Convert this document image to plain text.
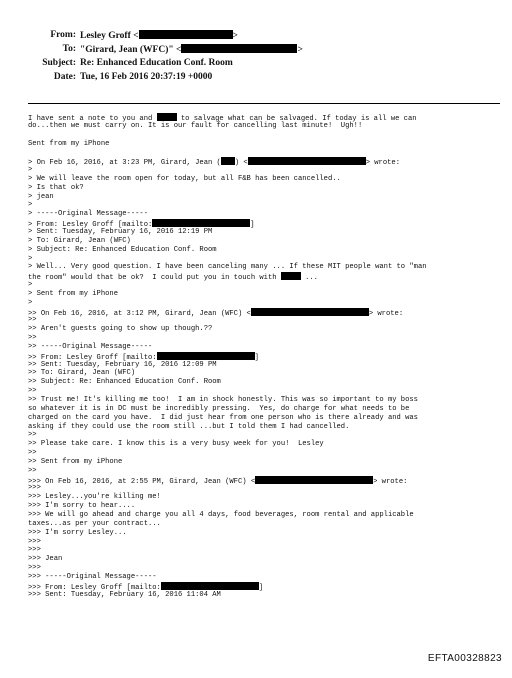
From: Lesley Groff <	>
To: "Girard, Jean (WFC)" <	>
Subject: Re: Enhanced Education Conf. Room
Date: Tue, 16 Feb 2016 20:37:19 +0000
I have sent a note to you and	to salvage what can be salvaged. If today is all we can
do...then we must carry on. It is our fault for cancelling last minute!  Ugh!!

Sent from my iPhone

> On Feb 16, 2016, at 3:23 PM, Girard, Jean ( ) <	> wrote:
>
> We will leave the room open for today, but all F&B has been cancelled..
> Is that ok?
> jean
>
> -----Original Message-----
> From: Lesley Groff [mailto:	]
> Sent: Tuesday, February 16, 2016 12:19 PM
> To: Girard, Jean (WFC)
> Subject: Re: Enhanced Education Conf. Room
>
> Well... Very good question. I have been canceling many ... If these MIT people want to "man
the room" would that be ok?  I could put you in touch with	...
>
> Sent from my iPhone
>
>> On Feb 16, 2016, at 3:12 PM, Girard, Jean (WFC) <	> wrote:
>>
>> Aren't guests going to show up though.??
>>
>> -----Original Message-----
>> From: Lesley Groff [mailto:	]
>> Sent: Tuesday, February 16, 2016 12:09 PM
>> To: Girard, Jean (WFC)
>> Subject: Re: Enhanced Education Conf. Room
>>
>> Trust me! It's killing me too!  I am in shock honestly. This was so important to my boss
so whatever it is in DC must be incredibly pressing.  Yes, do charge for what needs to be
charged on the card you have.  I did just hear from one person who is there already and was
asking if they could use the room still ...but I told them I had cancelled.
>>
>> Please take care. I know this is a very busy week for you!  Lesley
>>
>> Sent from my iPhone
>>
>>> On Feb 16, 2016, at 2:55 PM, Girard, Jean (WFC) <	> wrote:
>>>
>>> Lesley...you're killing me!
>>> I'm sorry to hear....
>>> We will go ahead and charge you all 4 days, food beverages, room rental and applicable
taxes...as per your contract...
>>> I'm sorry Lesley...
>>>
>>>
>>> Jean
>>>
>>> -----Original Message-----
>>> From: Lesley Groff [mailto:	]
>>> Sent: Tuesday, February 16, 2016 11:04 AM
EFTA00328823
